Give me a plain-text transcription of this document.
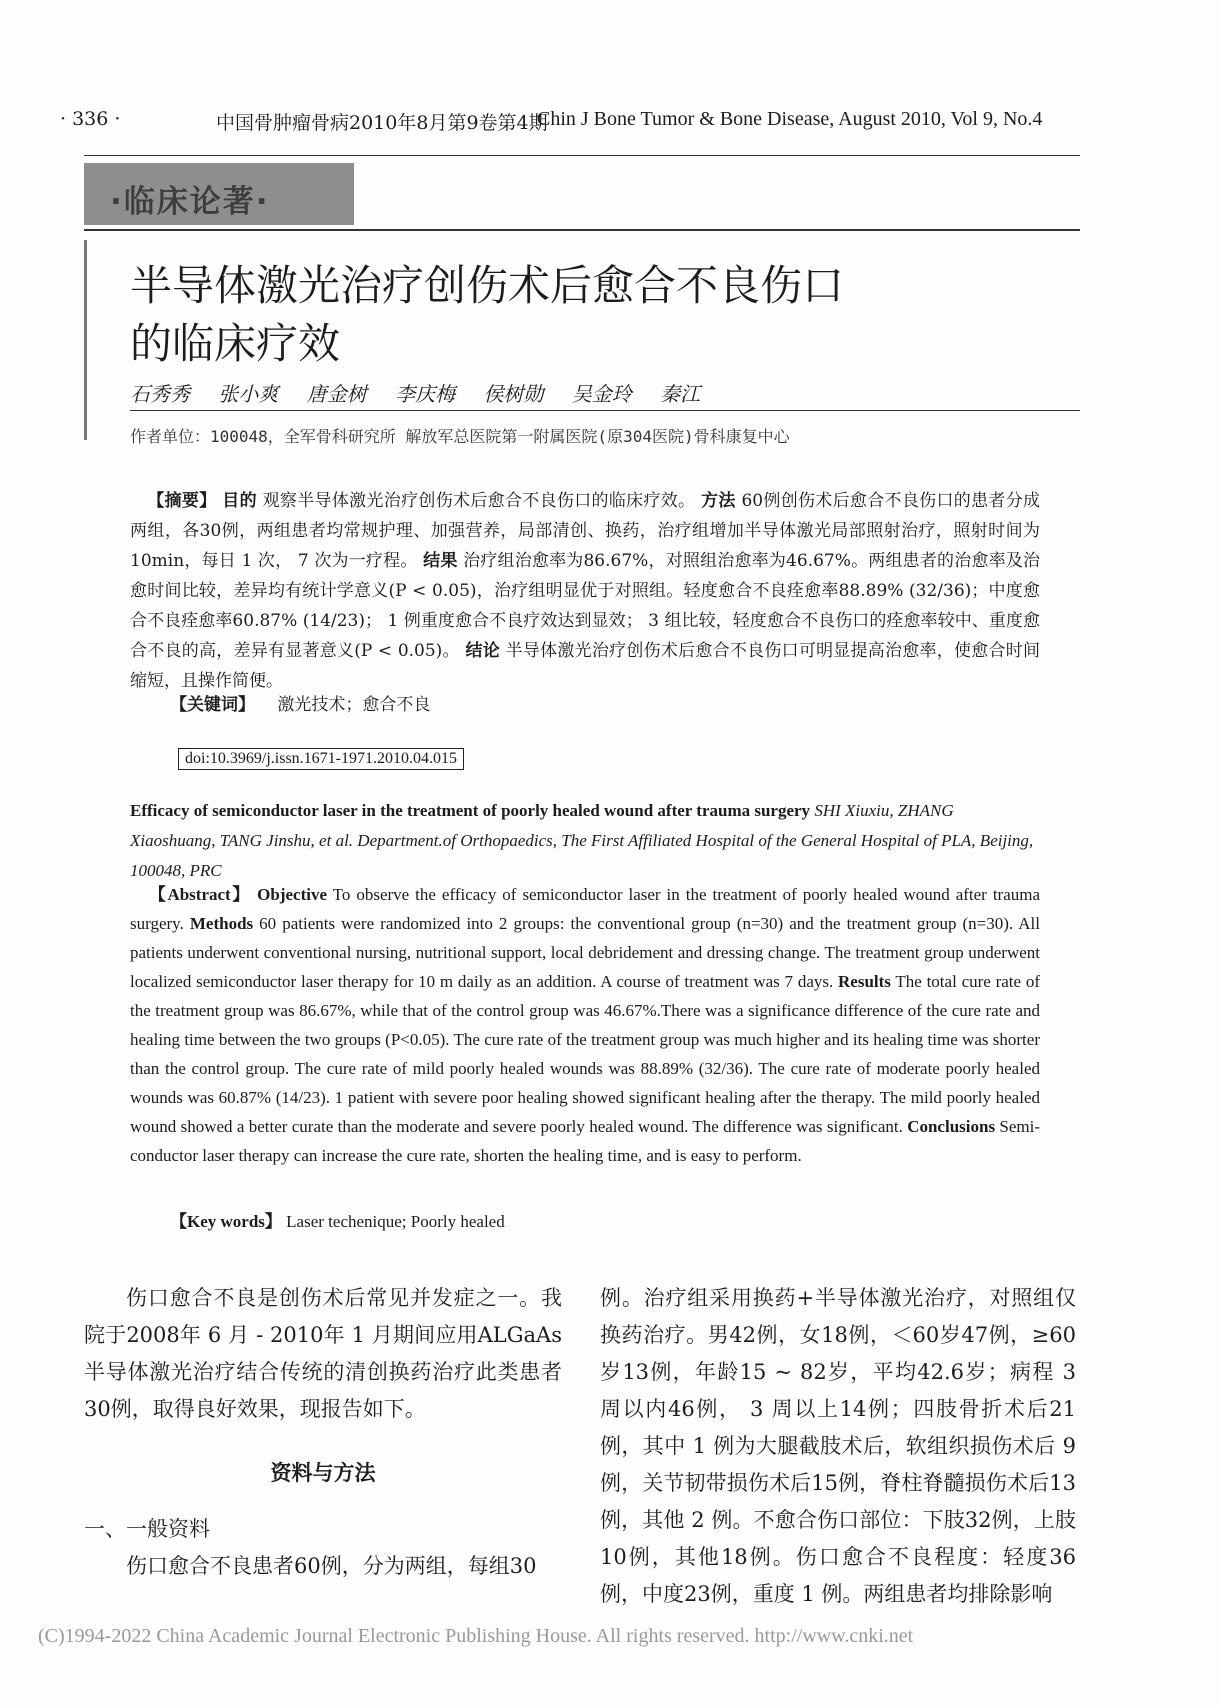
· 336 ·	中国骨肿瘤骨病2010年8月第9卷第4期
Chin J Bone Tumor & Bone Disease, August 2010, Vol 9, No.4
·临床论著·
半导体激光治疗创伤术后愈合不良伤口
的临床疗效
石秀秀 张小爽 唐金树 李庆梅 侯树勋 吴金玲 秦江
作者单位：100048，全军骨科研究所 解放军总医院第一附属医院(原304医院)骨科康复中心
 【摘要】 目的 观察半导体激光治疗创伤术后愈合不良伤口的临床疗效。 方法 60例创伤术后愈合不良伤口的患者分成两组，各30例，两组患者均常规护理、加强营养，局部清创、换药，治疗组增加半导体激光局部照射治疗，照射时间为10min，每日 1 次， 7 次为一疗程。 结果 治疗组治愈率为86.67%，对照组治愈率为46.67%。两组患者的治愈率及治愈时间比较，差异均有统计学意义(P < 0.05)，治疗组明显优于对照组。轻度愈合不良痊愈率88.89% (32/36)；中度愈合不良痊愈率60.87% (14/23)； 1 例重度愈合不良疗效达到显效； 3 组比较，轻度愈合不良伤口的痊愈率较中、重度愈合不良的高，差异有显著意义(P < 0.05)。 结论 半导体激光治疗创伤术后愈合不良伤口可明显提高治愈率，使愈合时间缩短，且操作简便。
【关键词】  激光技术；愈合不良
doi:10.3969/j.issn.1671-1971.2010.04.015
Efficacy of semiconductor laser in the treatment of poorly healed wound after trauma surgery SHI Xiuxiu, ZHANG Xiaoshuang, TANG Jinshu, et al. Department.of Orthopaedics, The First Affiliated Hospital of the General Hospital of PLA, Beijing, 100048, PRC
 【Abstract】 Objective To observe the efficacy of semiconductor laser in the treatment of poorly healed wound after trauma surgery. Methods 60 patients were randomized into 2 groups: the conventional group (n=30) and the treatment group (n=30). All patients underwent conventional nursing, nutritional support, local debridement and dressing change. The treatment group underwent localized semiconductor laser therapy for 10 m daily as an addition. A course of treatment was 7 days. Results The total cure rate of the treatment group was 86.67%, while that of the control group was 46.67%.There was a significance difference of the cure rate and healing time between the two groups (P<0.05). The cure rate of the treatment group was much higher and its healing time was shorter than the control group. The cure rate of mild poorly healed wounds was 88.89% (32/36). The cure rate of moderate poorly healed wounds was 60.87% (14/23). 1 patient with severe poor healing showed significant healing after the therapy. The mild poorly healed wound showed a better curate than the moderate and severe poorly healed wound. The difference was significant. Conclusions Semi-conductor laser therapy can increase the cure rate, shorten the healing time, and is easy to perform.
【Key words】 Laser techenique; Poorly healed
伤口愈合不良是创伤术后常见并发症之一。我院于2008年 6 月 - 2010年 1 月期间应用ALGaAs半导体激光治疗结合传统的清创换药治疗此类患者30例，取得良好效果，现报告如下。
资料与方法
一、一般资料
伤口愈合不良患者60例，分为两组，每组30
例。治疗组采用换药+半导体激光治疗，对照组仅换药治疗。男42例，女18例，＜60岁47例，≥60岁13例，年龄15 ~ 82岁，平均42.6岁；病程 3 周以内46例， 3 周以上14例；四肢骨折术后21例，其中 1 例为大腿截肢术后，软组织损伤术后 9 例，关节韧带损伤术后15例，脊柱脊髓损伤术后13例，其他 2 例。不愈合伤口部位：下肢32例，上肢10例，其他18例。伤口愈合不良程度：轻度36例，中度23例，重度 1 例。两组患者均排除影响
(C)1994-2022 China Academic Journal Electronic Publishing House. All rights reserved. http://www.cnki.net
